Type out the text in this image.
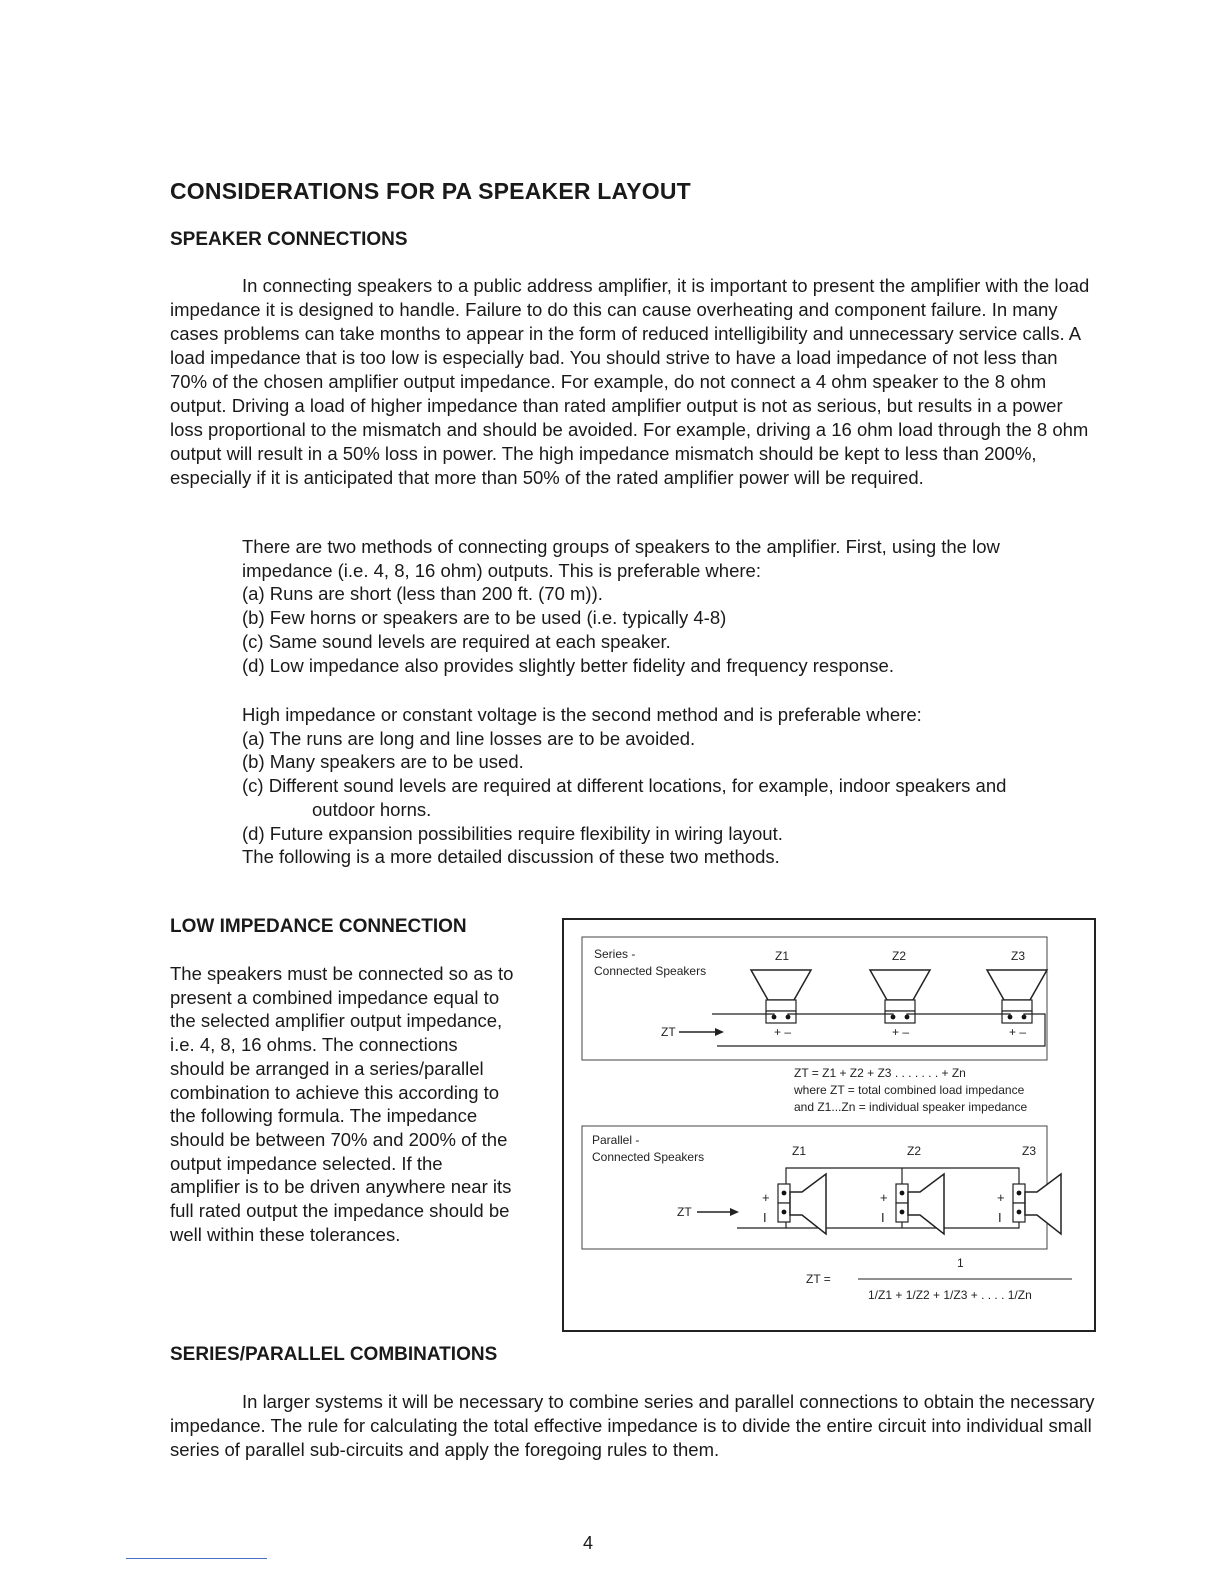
CONSIDERATIONS FOR PA SPEAKER LAYOUT
SPEAKER CONNECTIONS

In connecting speakers to a public address amplifier, it is important to present the amplifier with the load impedance it is designed to handle. Failure to do this can cause overheating and component failure. In many cases problems can take months to appear in the form of reduced intelligibility and unnecessary service calls. A load impedance that is too low is especially bad. You should strive to have a load impedance of not less than 70% of the chosen amplifier output impedance. For example, do not connect a 4 ohm speaker to the 8 ohm output. Driving a load of higher impedance than rated amplifier output is not as serious, but results in a power loss proportional to the mismatch and should be avoided. For example, driving a 16 ohm load through the 8 ohm output will result in a 50% loss in power. The high impedance mismatch should be kept to less than 200%, especially if it is anticipated that more than 50% of the rated amplifier power will be required.

There are two methods of connecting groups of speakers to the amplifier. First, using the low
impedance (i.e. 4, 8, 16 ohm) outputs. This is preferable where:
(a) Runs are short (less than 200 ft. (70 m)).
(b) Few horns or speakers are to be used (i.e. typically 4-8)
(c) Same sound levels are required at each speaker.
(d) Low impedance also provides slightly better fidelity and frequency response.
High impedance or constant voltage is the second method and is preferable where:
(a) The runs are long and line losses are to be avoided.
(b) Many speakers are to be used.
(c) Different sound levels are required at different locations, for example, indoor speakers and
outdoor horns.
(d) Future expansion possibilities require flexibility in wiring layout.
The following is a more detailed discussion of these two methods.
LOW IMPEDANCE CONNECTION
The speakers must be connected so as to
present a combined impedance equal to
the selected amplifier output impedance,
i.e. 4, 8, 16 ohms. The connections
should be arranged in a series/parallel
combination to achieve this according to
the following formula. The impedance
should be between 70% and 200% of the
output impedance selected. If the
amplifier is to be driven anywhere near its
full rated output the impedance should be
well within these tolerances.
Series -
Connected Speakers
Z1	Z2	Z3
ZT	+ –	+ –	+ –
ZT = Z1 + Z2 + Z3 . . . . . . . + Zn
where ZT = total combined load impedance
and Z1...Zn = individual speaker impedance
Parallel -
Connected Speakers	Z1	Z2	Z3
+
I
+
I
+
I
ZT
1
ZT =
1/Z1 + 1/Z2 + 1/Z3 + . . . . 1/Zn
SERIES/PARALLEL COMBINATIONS

In larger systems it will be necessary to combine series and parallel connections to obtain the necessary impedance. The rule for calculating the total effective impedance is to divide the entire circuit into individual small series of parallel sub-circuits and apply the foregoing rules to them.

4
